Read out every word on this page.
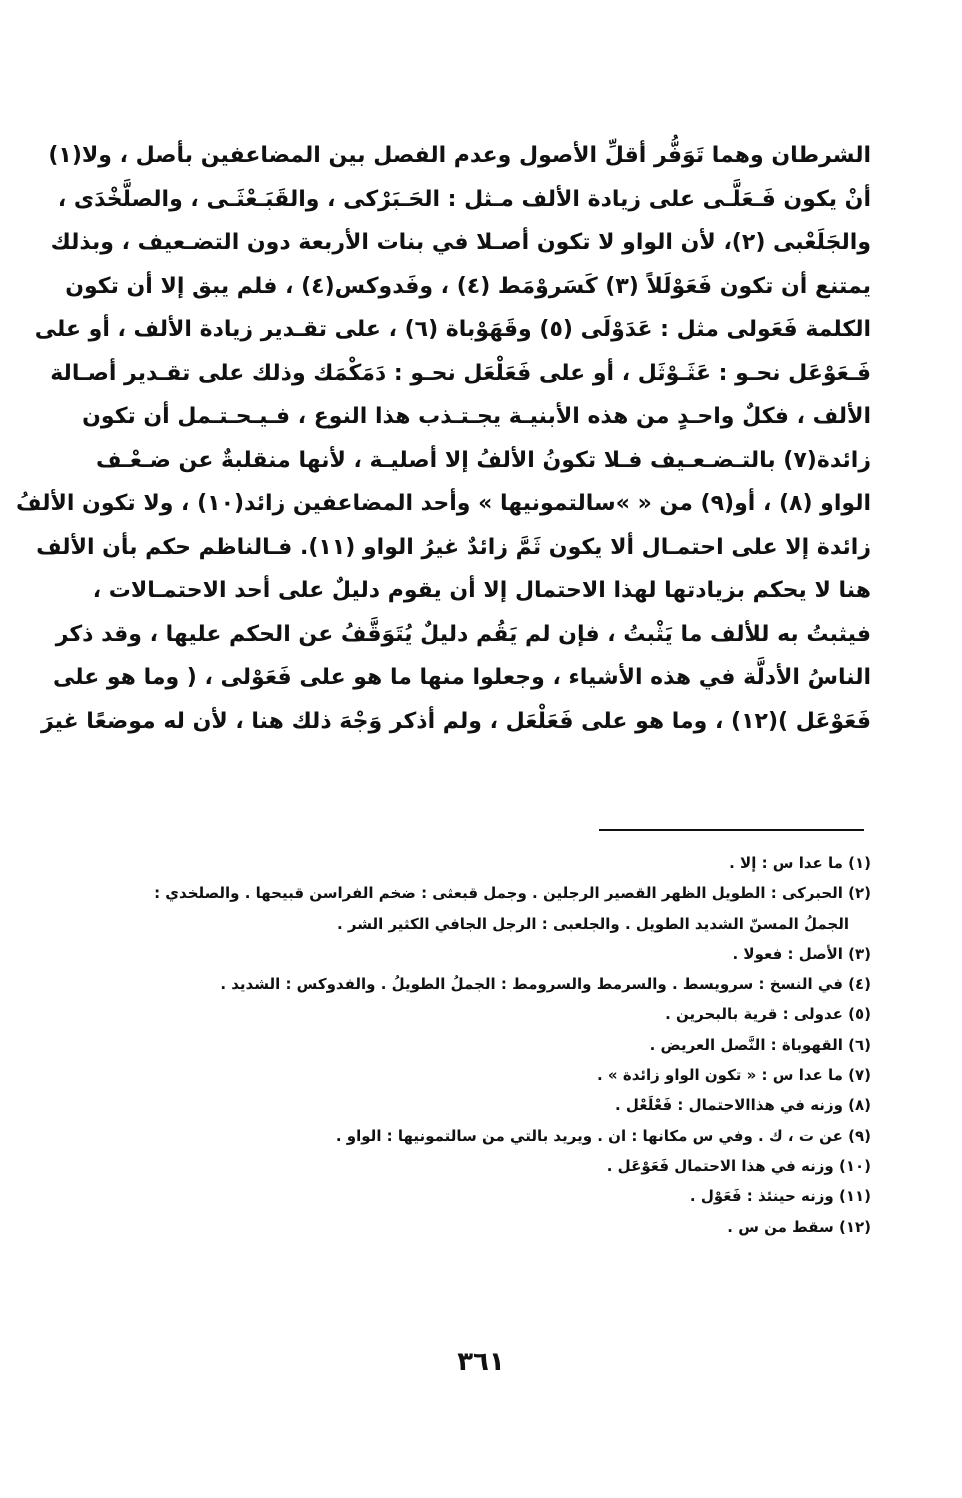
الشرطان وهما تَوَفُّر أقلِّ الأصول وعدم الفصل بين المضاعفين بأصل ، ولا(١)
أنْ يكون فَـعَلَّـى على زيادة الألف مـثل : الحَـبَرْكى ، والقَبَـعْثَـى ، والصلَّخْدَى ،
والجَلَعْبى (٢)، لأن الواو لا تكون أصـلا في بنات الأربعة دون التضـعيف ، وبذلك
يمتنع أن تكون فَعَوْلَلاً (٣) كَسَروْمَط (٤) ، وفَدوكس(٤) ، فلم يبق إلا أن تكون
الكلمة فَعَولى مثل : عَدَوْلَى (٥) وقَهَوْباة (٦) ، على تقـدير زيادة الألف ، أو على
فَـعَوْعَل نحـو : عَثَـوْثَل ، أو على فَعَلْعَل نحـو : دَمَكْمَك وذلك على تقـدير أصـالة
الألف ، فكلٌ واحـدٍ من هذه الأبنيـة يجـتـذب هذا النوع ، فـيـحـتـمل أن تكون
زائدة(٧) بالتـضـعـيف فـلا تكونُ الألفُ إلا أصليـة ، لأنها منقلبةٌ عن ضـعْـف
الواو (٨) ، أو(٩) من « »سالتمونيها » وأحد المضاعفين زائد(١٠) ، ولا تكون الألفُ
زائدة إلا على احتمـال ألا يكون ثَمَّ زائدٌ غيرُ الواو (١١). فـالناظم حكم بأن الألف
هنا لا يحكم بزيادتها لهذا الاحتمال إلا أن يقوم دليلٌ على أحد الاحتمـالات ،
فيثبتُ به للألف ما يَثْبتُ ، فإن لم يَقُم دليلٌ يُتَوَقَّفُ عن الحكم عليها ، وقد ذكر
الناسُ الأدلَّة في هذه الأشياء ، وجعلوا منها ما هو على فَعَوْلى ، ( وما هو على
فَعَوْعَل )(١٢) ، وما هو على فَعَلْعَل ، ولم أذكر وَجْهَ ذلك هنا ، لأن له موضعًا غيرَ
(١) ما عدا س : إلا .
(٢) الحبركى : الطويل الظهر القصير الرجلين . وجمل قبعثى : ضخم الفراسن قبيحها . والصلخدي :
الجملُ المسنّ الشديد الطويل . والجلعبى : الرجل الجافي الكثير الشر .
(٣) الأصل : فعولا .
(٤) في النسخ : سرويسط . والسرمط والسرومط : الجملُ الطويلُ . والفدوكس : الشديد .
(٥) عدولى : قرية بالبحرين .
(٦) القهوباة : النَّصل العريض .
(٧) ما عدا س : « تكون الواو زائدة » .
(٨) وزنه في هذاالاحتمال : فَعْلَعْل .
(٩) عن ت ، ك . وفي س مكانها : ان . ويريد بالتي من سالتمونيها : الواو .
(١٠) وزنه في هذا الاحتمال فَعَوْعَل .
(١١) وزنه حينئذ : فَعَوْل .
(١٢) سقط من س .
٣٦١
